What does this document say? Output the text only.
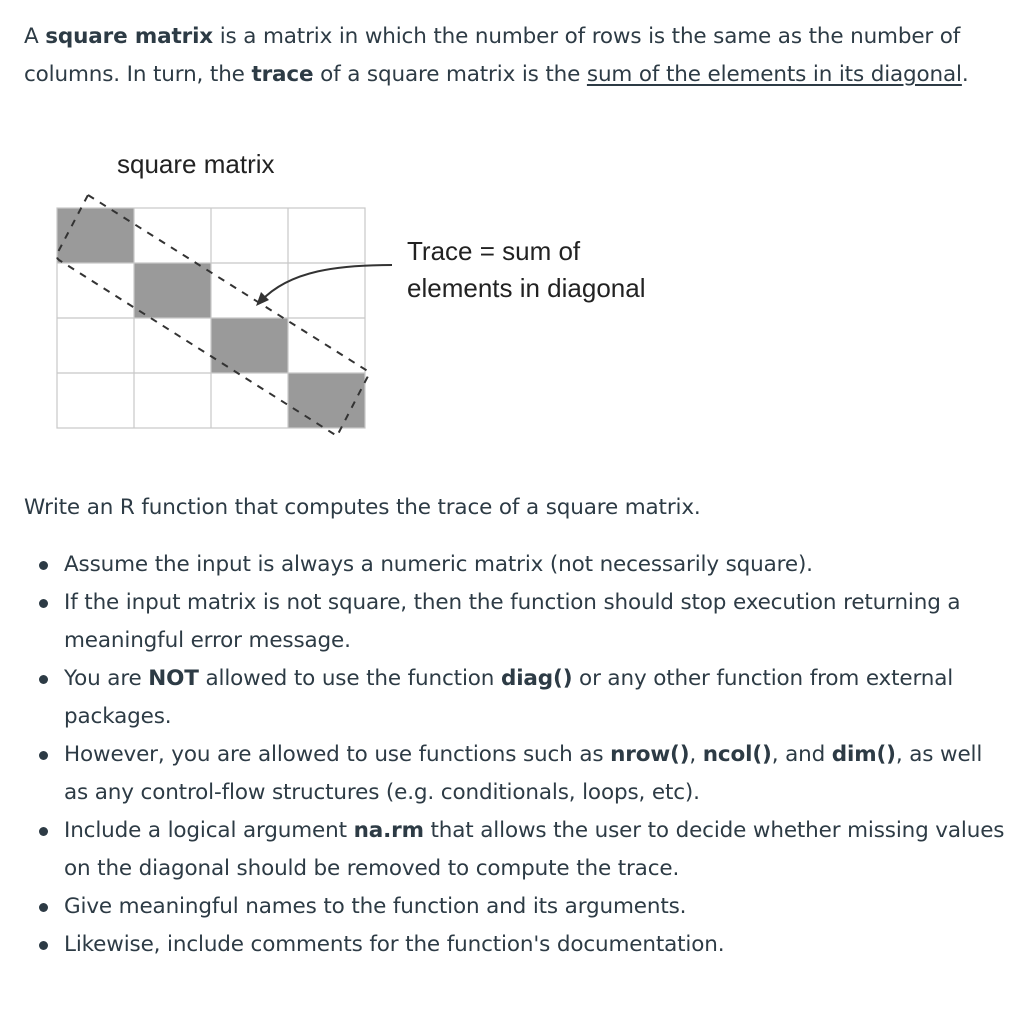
A square matrix is a matrix in which the number of rows is the same as the number of columns. In turn, the trace of a square matrix is the sum of the elements in its diagonal.

square matrix
Trace = sum of
elements in diagonal

Write an R function that computes the trace of a square matrix.

Assume the input is always a numeric matrix (not necessarily square).
If the input matrix is not square, then the function should stop execution returning a meaningful error message.
You are NOT allowed to use the function diag() or any other function from external packages.
However, you are allowed to use functions such as nrow(), ncol(), and dim(), as well as any control-flow structures (e.g. conditionals, loops, etc).
Include a logical argument na.rm that allows the user to decide whether missing values on the diagonal should be removed to compute the trace.
Give meaningful names to the function and its arguments.
Likewise, include comments for the function's documentation.
